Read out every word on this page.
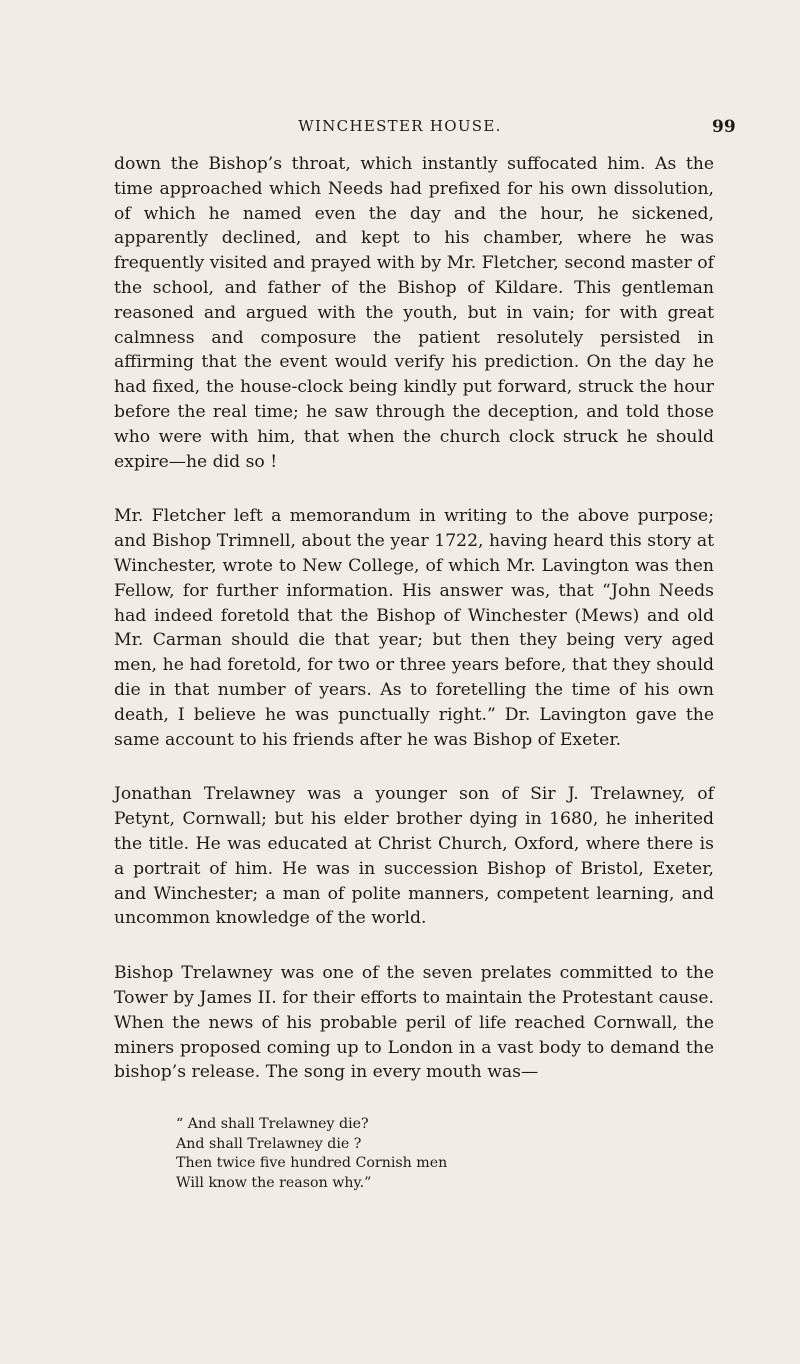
WINCHESTER HOUSE.	99

down the Bishop’s throat, which instantly suffocated him. As the time approached which Needs had prefixed for his own dissolution, of which he named even the day and the hour, he sickened, apparently declined, and kept to his chamber, where he was frequently visited and prayed with by Mr. Fletcher, second master of the school, and father of the Bishop of Kildare. This gentleman reasoned and argued with the youth, but in vain; for with great calmness and composure the patient resolutely persisted in affirming that the event would verify his prediction. On the day he had fixed, the house-clock being kindly put forward, struck the hour before the real time; he saw through the deception, and told those who were with him, that when the church clock struck he should expire—he did so !

Mr. Fletcher left a memorandum in writing to the above purpose; and Bishop Trimnell, about the year 1722, having heard this story at Winchester, wrote to New College, of which Mr. Lavington was then Fellow, for further information. His answer was, that “John Needs had indeed foretold that the Bishop of Winchester (Mews) and old Mr. Carman should die that year; but then they being very aged men, he had foretold, for two or three years before, that they should die in that number of years. As to foretelling the time of his own death, I believe he was punctually right.” Dr. Lavington gave the same account to his friends after he was Bishop of Exeter.

Jonathan Trelawney was a younger son of Sir J. Trelawney, of Petynt, Cornwall; but his elder brother dying in 1680, he inherited the title. He was educated at Christ Church, Oxford, where there is a portrait of him. He was in succession Bishop of Bristol, Exeter, and Winchester; a man of polite manners, competent learning, and uncommon knowledge of the world.

Bishop Trelawney was one of the seven prelates committed to the Tower by James II. for their efforts to maintain the Protestant cause. When the news of his probable peril of life reached Cornwall, the miners proposed coming up to London in a vast body to demand the bishop’s release. The song in every mouth was—

“ And shall Trelawney die?
And shall Trelawney die ?
Then twice five hundred Cornish men
Will know the reason why.”
